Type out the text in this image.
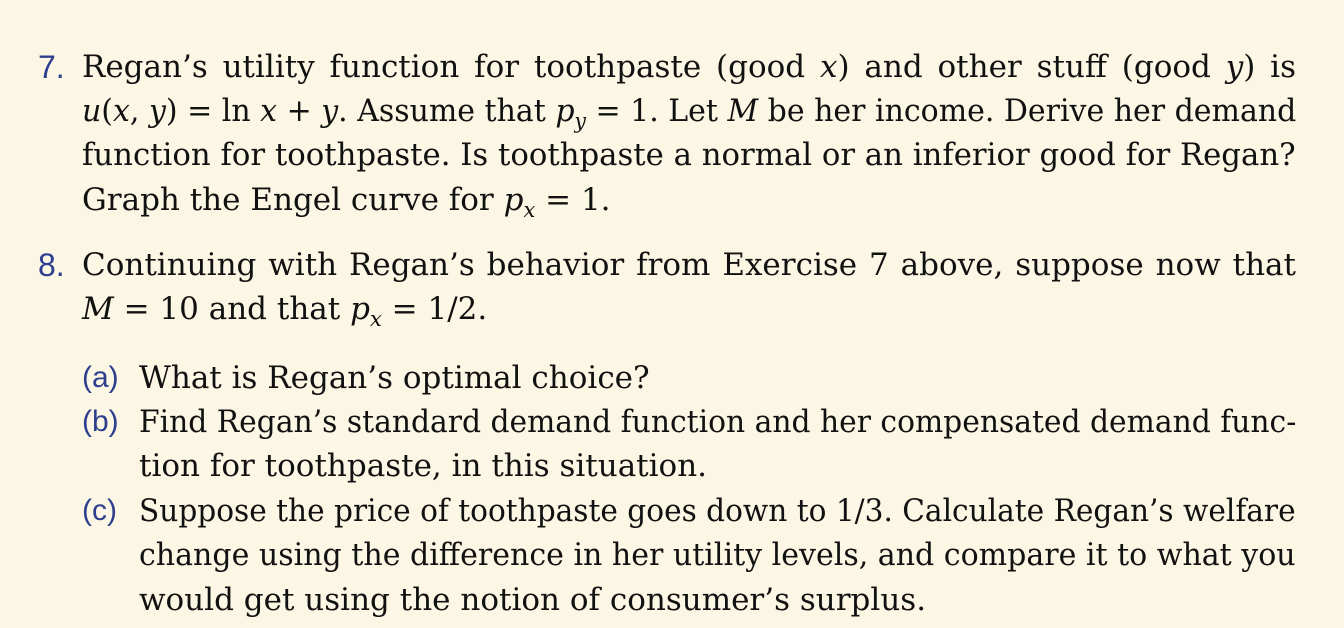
7. Regan’s utility function for toothpaste (good x) and other stuff (good y) is
u(x, y) = ln x + y. Assume that $p_y = 1$. Let M be her income. Derive her demand
function for toothpaste. Is toothpaste a normal or an inferior good for Regan?
Graph the Engel curve for $p_x = 1$.
8. Continuing with Regan’s behavior from Exercise 7 above, suppose now that
M = 10 and that $p_x = 1/2$.
(a) What is Regan’s optimal choice?
(b) Find Regan’s standard demand function and her compensated demand func-
tion for toothpaste, in this situation.
(c) Suppose the price of toothpaste goes down to 1/3. Calculate Regan’s welfare
change using the difference in her utility levels, and compare it to what you
would get using the notion of consumer’s surplus.
